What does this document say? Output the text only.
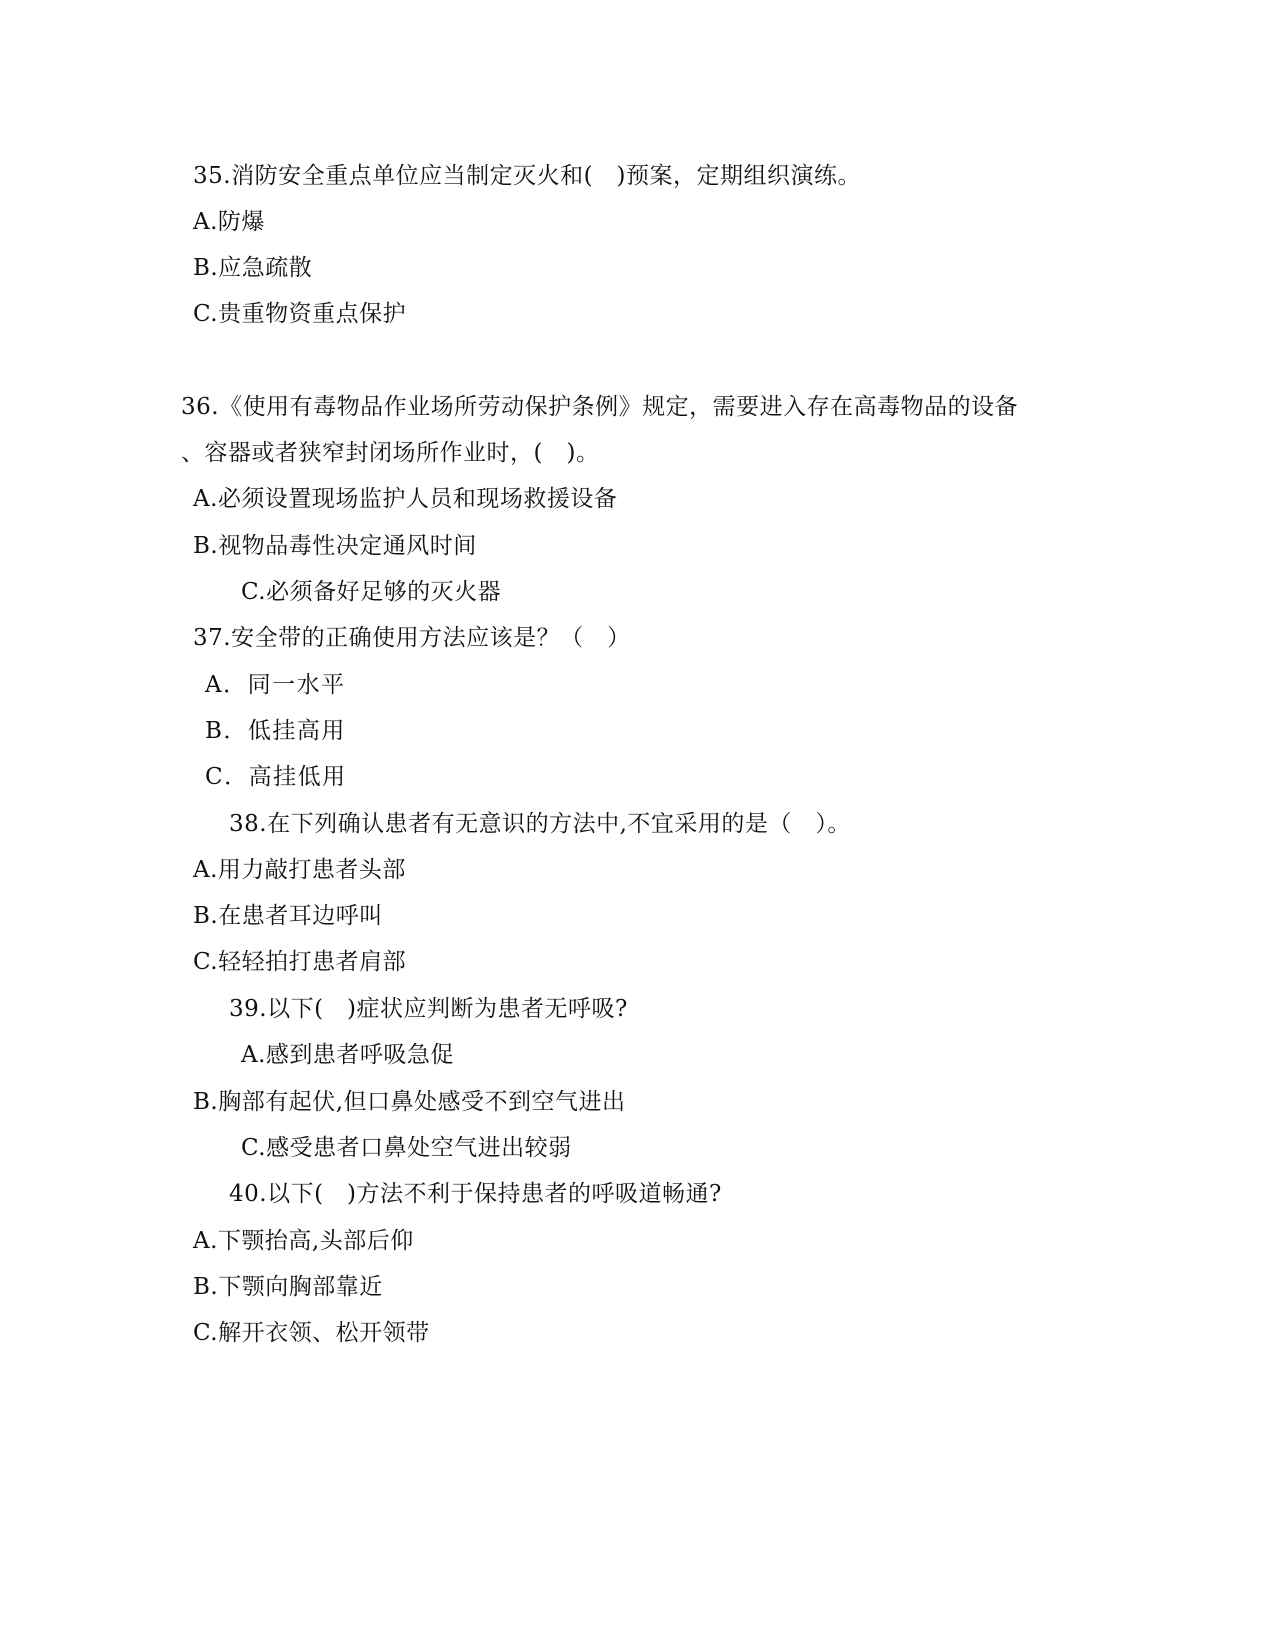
35.消防安全重点单位应当制定灭火和(　)预案，定期组织演练。
A.防爆
B.应急疏散
C.贵重物资重点保护
36.《使用有毒物品作业场所劳动保护条例》规定，需要进入存在高毒物品的设备
、容器或者狭窄封闭场所作业时，(　)。
A.必须设置现场监护人员和现场救援设备
B.视物品毒性决定通风时间
C.必须备好足够的灭火器
37.安全带的正确使用方法应该是？（　）
A．同一水平
B．低挂高用
C．高挂低用
38.在下列确认患者有无意识的方法中,不宜采用的是（　）。
A.用力敲打患者头部
B.在患者耳边呼叫
C.轻轻拍打患者肩部
39.以下(　)症状应判断为患者无呼吸?
A.感到患者呼吸急促
B.胸部有起伏,但口鼻处感受不到空气进出
C.感受患者口鼻处空气进出较弱
40.以下(　)方法不利于保持患者的呼吸道畅通?
A.下颚抬高,头部后仰
B.下颚向胸部靠近
C.解开衣领、松开领带
